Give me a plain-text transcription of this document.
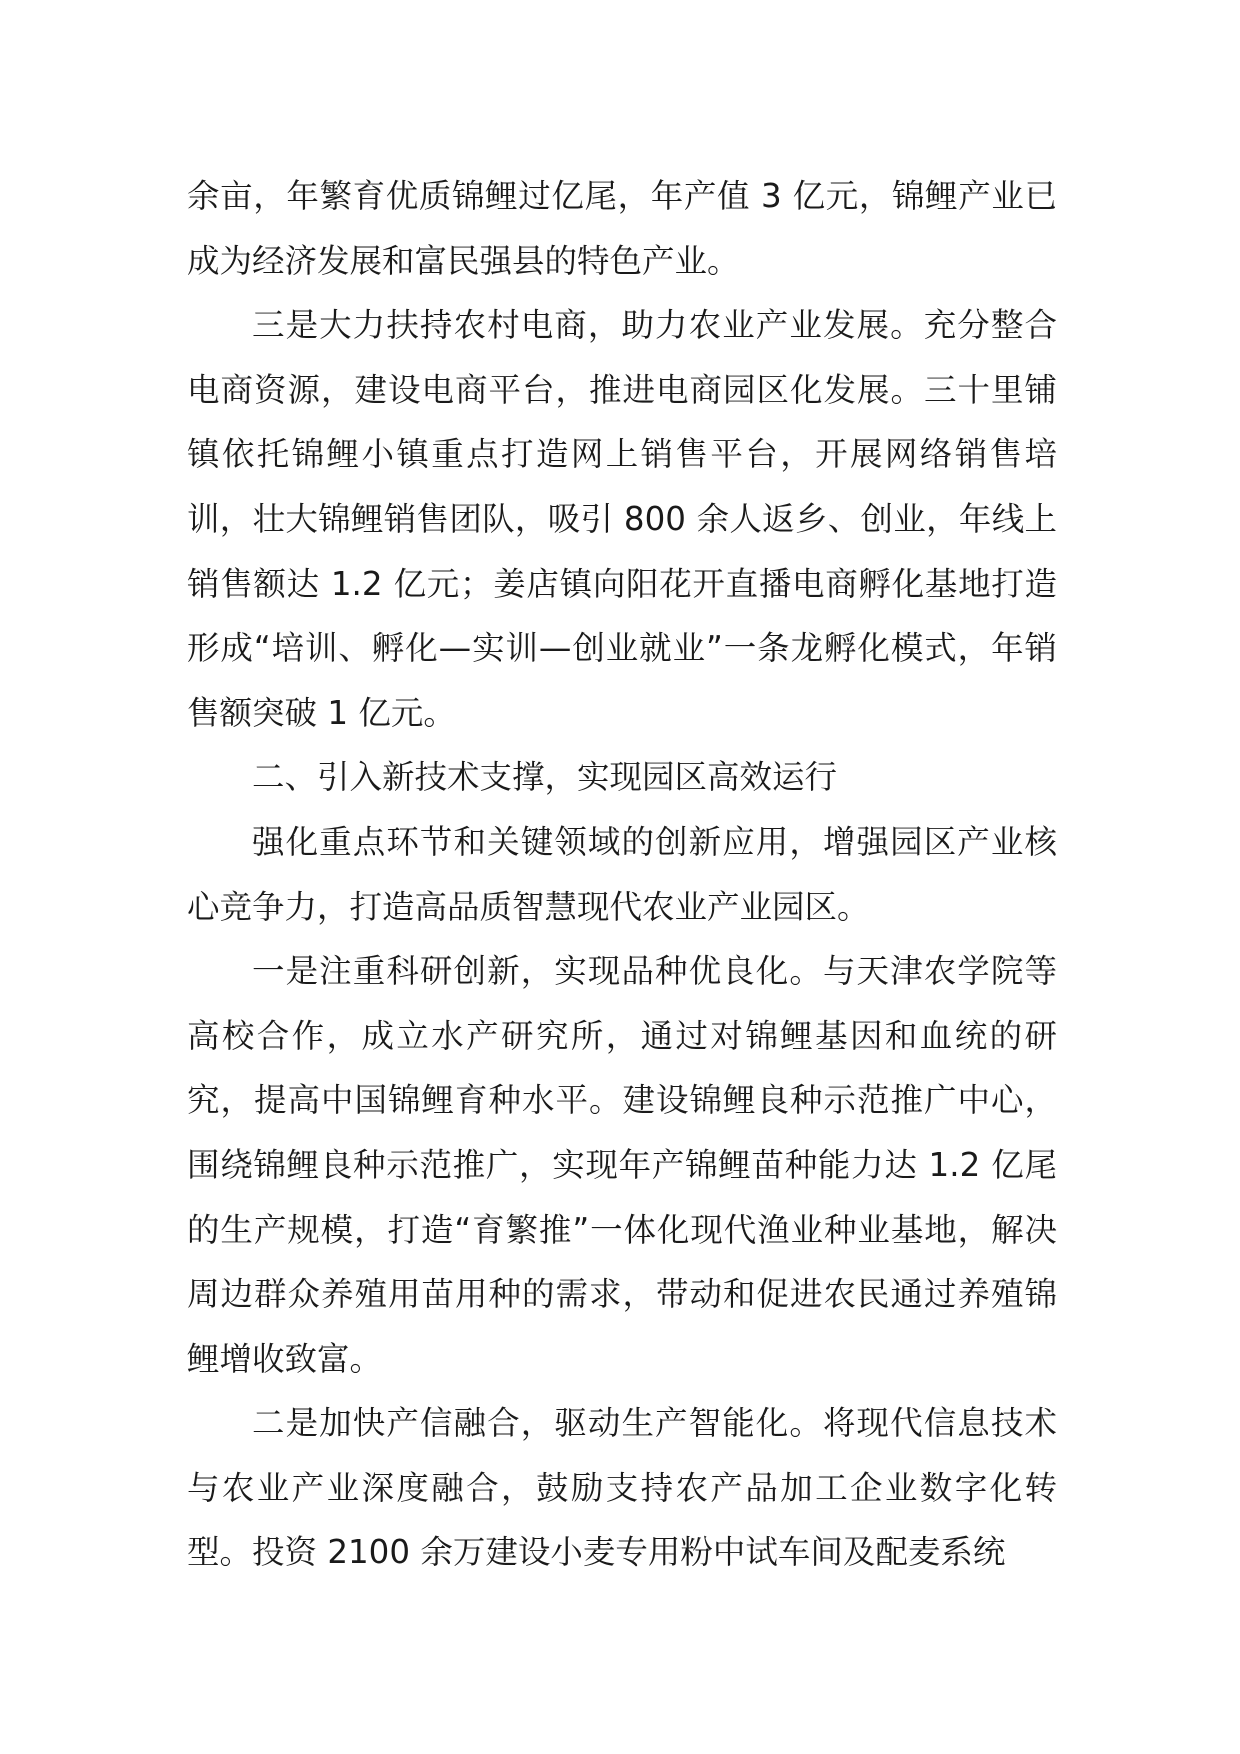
余亩，年繁育优质锦鲤过亿尾，年产值 3 亿元，锦鲤产业已成为经济发展和富民强县的特色产业。

三是大力扶持农村电商，助力农业产业发展。充分整合电商资源，建设电商平台，推进电商园区化发展。三十里铺镇依托锦鲤小镇重点打造网上销售平台，开展网络销售培训，壮大锦鲤销售团队，吸引 800 余人返乡、创业，年线上销售额达 1.2 亿元；姜店镇向阳花开直播电商孵化基地打造形成“培训、孵化—实训—创业就业”一条龙孵化模式，年销售额突破 1 亿元。

二、引入新技术支撑，实现园区高效运行

强化重点环节和关键领域的创新应用，增强园区产业核心竞争力，打造高品质智慧现代农业产业园区。

一是注重科研创新，实现品种优良化。与天津农学院等高校合作，成立水产研究所，通过对锦鲤基因和血统的研究，提高中国锦鲤育种水平。建设锦鲤良种示范推广中心，围绕锦鲤良种示范推广，实现年产锦鲤苗种能力达 1.2 亿尾的生产规模，打造“育繁推”一体化现代渔业种业基地，解决周边群众养殖用苗用种的需求，带动和促进农民通过养殖锦鲤增收致富。

二是加快产信融合，驱动生产智能化。将现代信息技术与农业产业深度融合，鼓励支持农产品加工企业数字化转型。投资 2100 余万建设小麦专用粉中试车间及配麦系统
